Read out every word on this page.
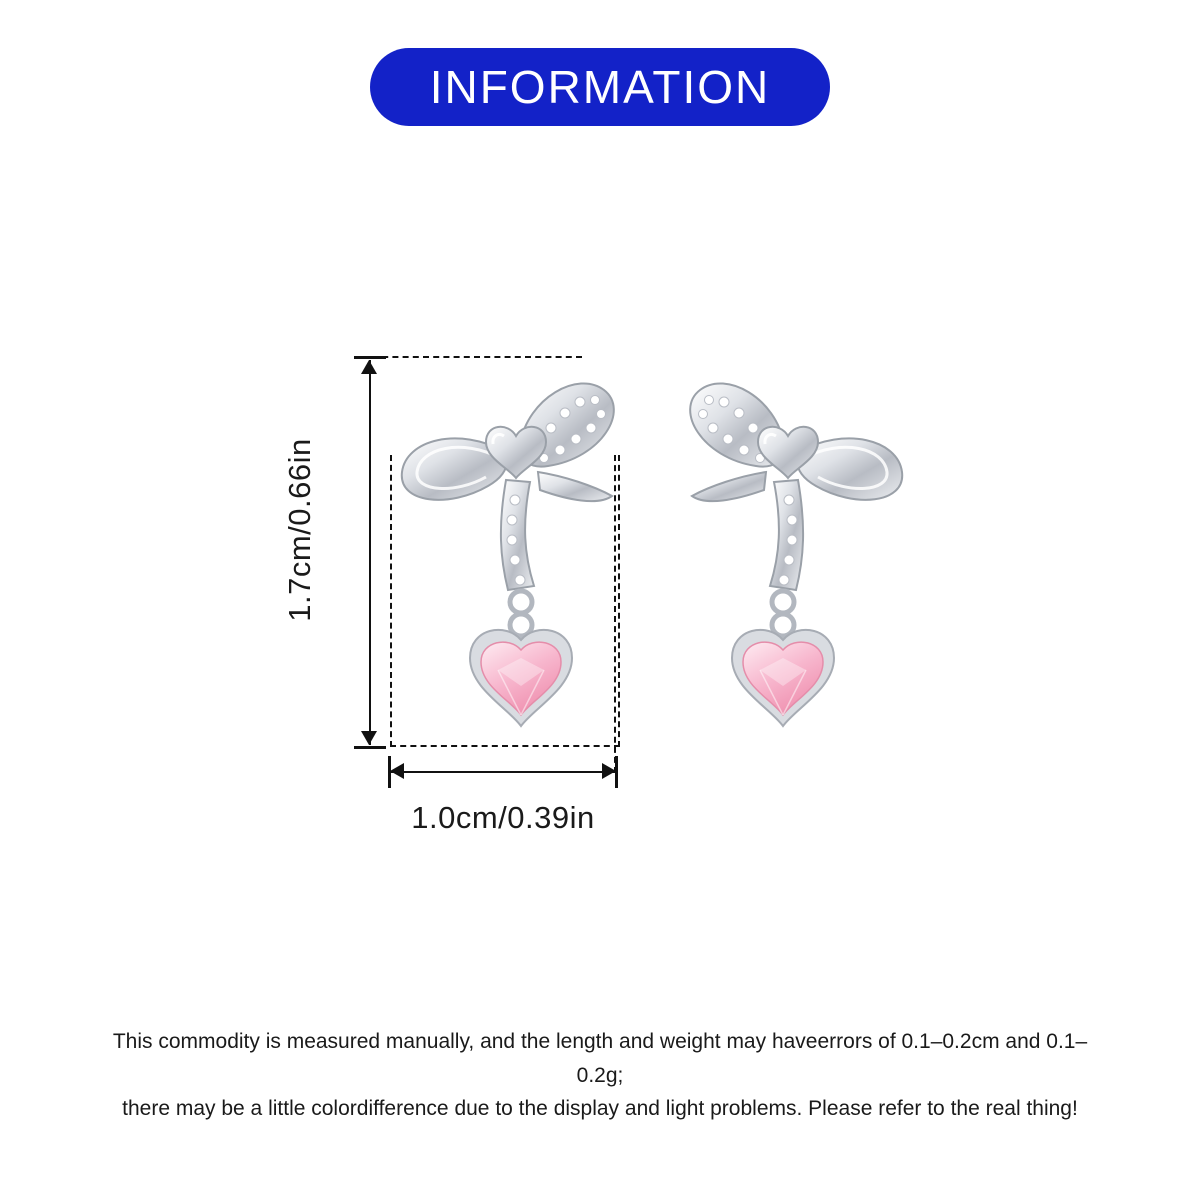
INFORMATION
1.7cm/0.66in
1.0cm/0.39in
This commodity is measured manually, and the length and weight may haveerrors of 0.1–0.2cm and 0.1–0.2g;
there may be a little colordifference due to the display and light problems. Please refer to the real thing!
